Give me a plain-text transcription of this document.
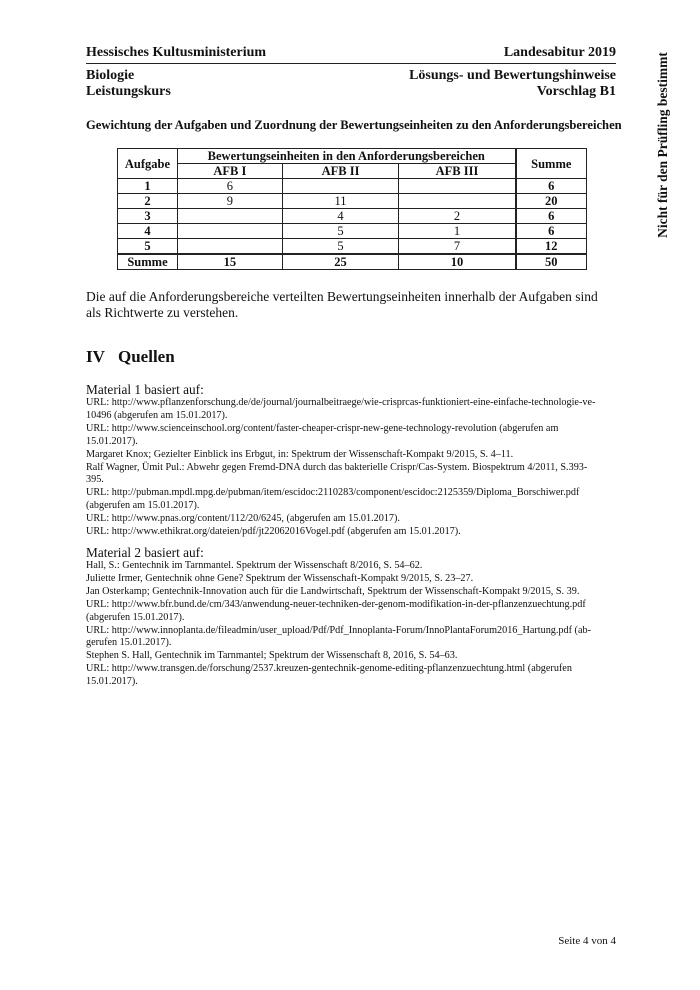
Hessisches Kultusministerium	Landesabitur 2019
Biologie
Leistungskurs
Lösungs- und Bewertungshinweise
Vorschlag B1	Nicht für den Prüfling bestimmt
Gewichtung der Aufgaben und Zuordnung der Bewertungseinheiten zu den Anforderungsbereichen
Aufgabe	Bewertungseinheiten in den Anforderungsbereichen			Summe
	AFB I	AFB II	AFB III	
1	6			6
2	9	11		20
3		4	2	6
4		5	1	6
5		5	7	12
Summe	15	25	10	50
Die auf die Anforderungsbereiche verteilten Bewertungseinheiten innerhalb der Aufgaben sind als Richtwerte zu verstehen.
IV Quellen
Material 1 basiert auf:
URL: http://www.pflanzenforschung.de/de/journal/journalbeitraege/wie-crisprcas-funktioniert-eine-einfache-technologie-ve-
10496 (abgerufen am 15.01.2017).
URL: http://www.scienceinschool.org/content/faster-cheaper-crispr-new-gene-technology-revolution (abgerufen am
15.01.2017).
Margaret Knox; Gezielter Einblick ins Erbgut, in: Spektrum der Wissenschaft-Kompakt 9/2015, S. 4–11.
Ralf Wagner, Ümit Pul.: Abwehr gegen Fremd-DNA durch das bakterielle Crispr/Cas-System. Biospektrum 4/2011, S.393-
395.
URL: http://pubman.mpdl.mpg.de/pubman/item/escidoc:2110283/component/escidoc:2125359/Diploma_Borschiwer.pdf
(abgerufen am 15.01.2017).
URL: http://www.pnas.org/content/112/20/6245, (abgerufen am 15.01.2017).
URL: http://www.ethikrat.org/dateien/pdf/jt22062016Vogel.pdf (abgerufen am 15.01.2017).
Material 2 basiert auf:
Hall, S.: Gentechnik im Tarnmantel. Spektrum der Wissenschaft 8/2016, S. 54–62.
Juliette Irmer, Gentechnik ohne Gene? Spektrum der Wissenschaft-Kompakt 9/2015, S. 23–27.
Jan Osterkamp; Gentechnik-Innovation auch für die Landwirtschaft, Spektrum der Wissenschaft-Kompakt 9/2015, S. 39.
URL: http://www.bfr.bund.de/cm/343/anwendung-neuer-techniken-der-genom-modifikation-in-der-pflanzenzuechtung.pdf
(abgerufen 15.01.2017).
URL: http://www.innoplanta.de/fileadmin/user_upload/Pdf/Pdf_Innoplanta-Forum/InnoPlantaForum2016_Hartung.pdf (ab-
gerufen 15.01.2017).
Stephen S. Hall, Gentechnik im Tarnmantel; Spektrum der Wissenschaft 8, 2016, S. 54–63.
URL: http://www.transgen.de/forschung/2537.kreuzen-gentechnik-genome-editing-pflanzenzuechtung.html (abgerufen
15.01.2017).
Seite 4 von 4
